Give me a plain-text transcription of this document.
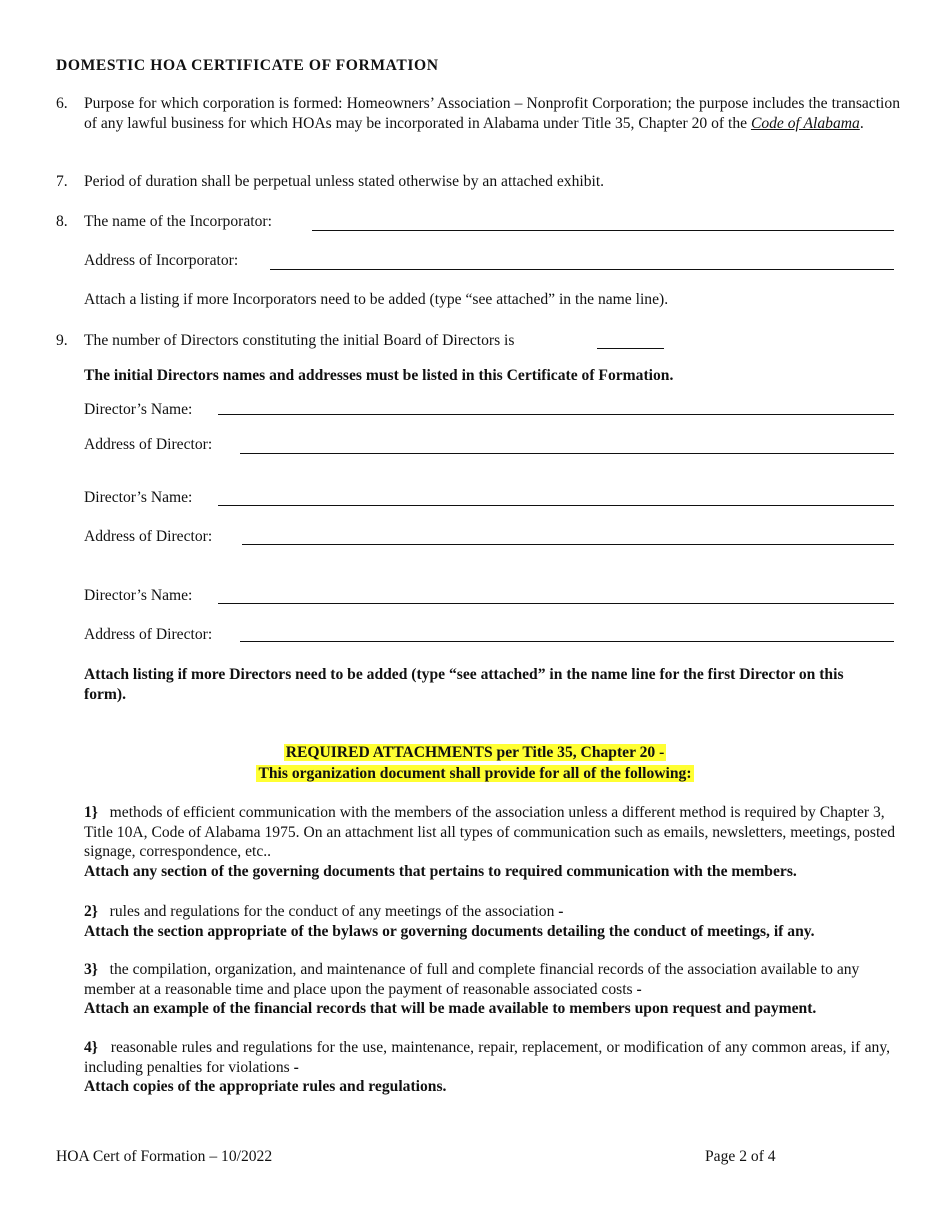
DOMESTIC HOA CERTIFICATE OF FORMATION
6. Purpose for which corporation is formed: Homeowners’ Association – Nonprofit Corporation; the purpose includes the transaction of any lawful business for which HOAs may be incorporated in Alabama under Title 35, Chapter 20 of the Code of Alabama.
7. Period of duration shall be perpetual unless stated otherwise by an attached exhibit.
8. The name of the Incorporator:
Address of Incorporator:
Attach a listing if more Incorporators need to be added (type “see attached” in the name line).
9. The number of Directors constituting the initial Board of Directors is
The initial Directors names and addresses must be listed in this Certificate of Formation.
Director’s Name:
Address of Director:
Director’s Name:
Address of Director:
Director’s Name:
Address of Director:
Attach listing if more Directors need to be added (type “see attached” in the name line for the first Director on this form).
REQUIRED ATTACHMENTS per Title 35, Chapter 20 -
This organization document shall provide for all of the following:
1} methods of efficient communication with the members of the association unless a different method is required by Chapter 3, Title 10A, Code of Alabama 1975. On an attachment list all types of communication such as emails, newsletters, meetings, posted signage, correspondence, etc..
Attach any section of the governing documents that pertains to required communication with the members.
2} rules and regulations for the conduct of any meetings of the association -
Attach the section appropriate of the bylaws or governing documents detailing the conduct of meetings, if any.
3} the compilation, organization, and maintenance of full and complete financial records of the association available to any member at a reasonable time and place upon the payment of reasonable associated costs -
Attach an example of the financial records that will be made available to members upon request and payment.
4} reasonable rules and regulations for the use, maintenance, repair, replacement, or modification of any common areas, if any, including penalties for violations -
Attach copies of the appropriate rules and regulations.
HOA Cert of Formation – 10/2022	Page 2 of 4
